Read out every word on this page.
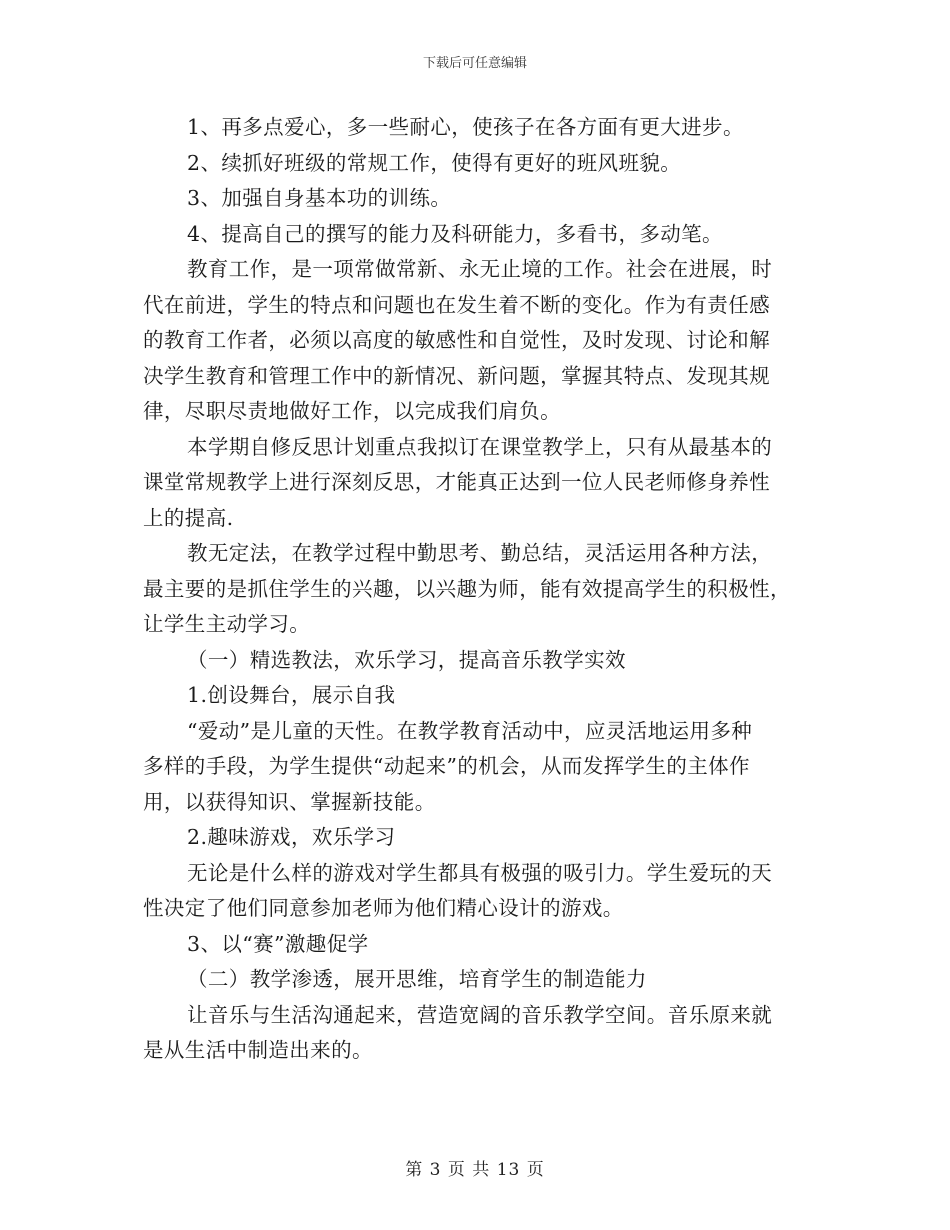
下载后可任意编辑
1、再多点爱心，多一些耐心，使孩子在各方面有更大进步。
2、续抓好班级的常规工作，使得有更好的班风班貌。
3、加强自身基本功的训练。
4、提高自己的撰写的能力及科研能力，多看书，多动笔。
教育工作，是一项常做常新、永无止境的工作。社会在进展，时
代在前进，学生的特点和问题也在发生着不断的变化。作为有责任感
的教育工作者，必须以高度的敏感性和自觉性，及时发现、讨论和解
决学生教育和管理工作中的新情况、新问题，掌握其特点、发现其规
律，尽职尽责地做好工作，以完成我们肩负。
本学期自修反思计划重点我拟订在课堂教学上，只有从最基本的
课堂常规教学上进行深刻反思，才能真正达到一位人民老师修身养性
上的提高.
教无定法，在教学过程中勤思考、勤总结，灵活运用各种方法，
最主要的是抓住学生的兴趣，以兴趣为师，能有效提高学生的积极性，
让学生主动学习。
（一）精选教法，欢乐学习，提高音乐教学实效
1.创设舞台，展示自我
“爱动”是儿童的天性。在教学教育活动中，应灵活地运用多种
多样的手段，为学生提供“动起来”的机会，从而发挥学生的主体作
用，以获得知识、掌握新技能。
2.趣味游戏，欢乐学习
无论是什么样的游戏对学生都具有极强的吸引力。学生爱玩的天
性决定了他们同意参加老师为他们精心设计的游戏。
3、以“赛”激趣促学
（二）教学渗透，展开思维，培育学生的制造能力
让音乐与生活沟通起来，营造宽阔的音乐教学空间。音乐原来就
是从生活中制造出来的。
第 3 页 共 13 页
